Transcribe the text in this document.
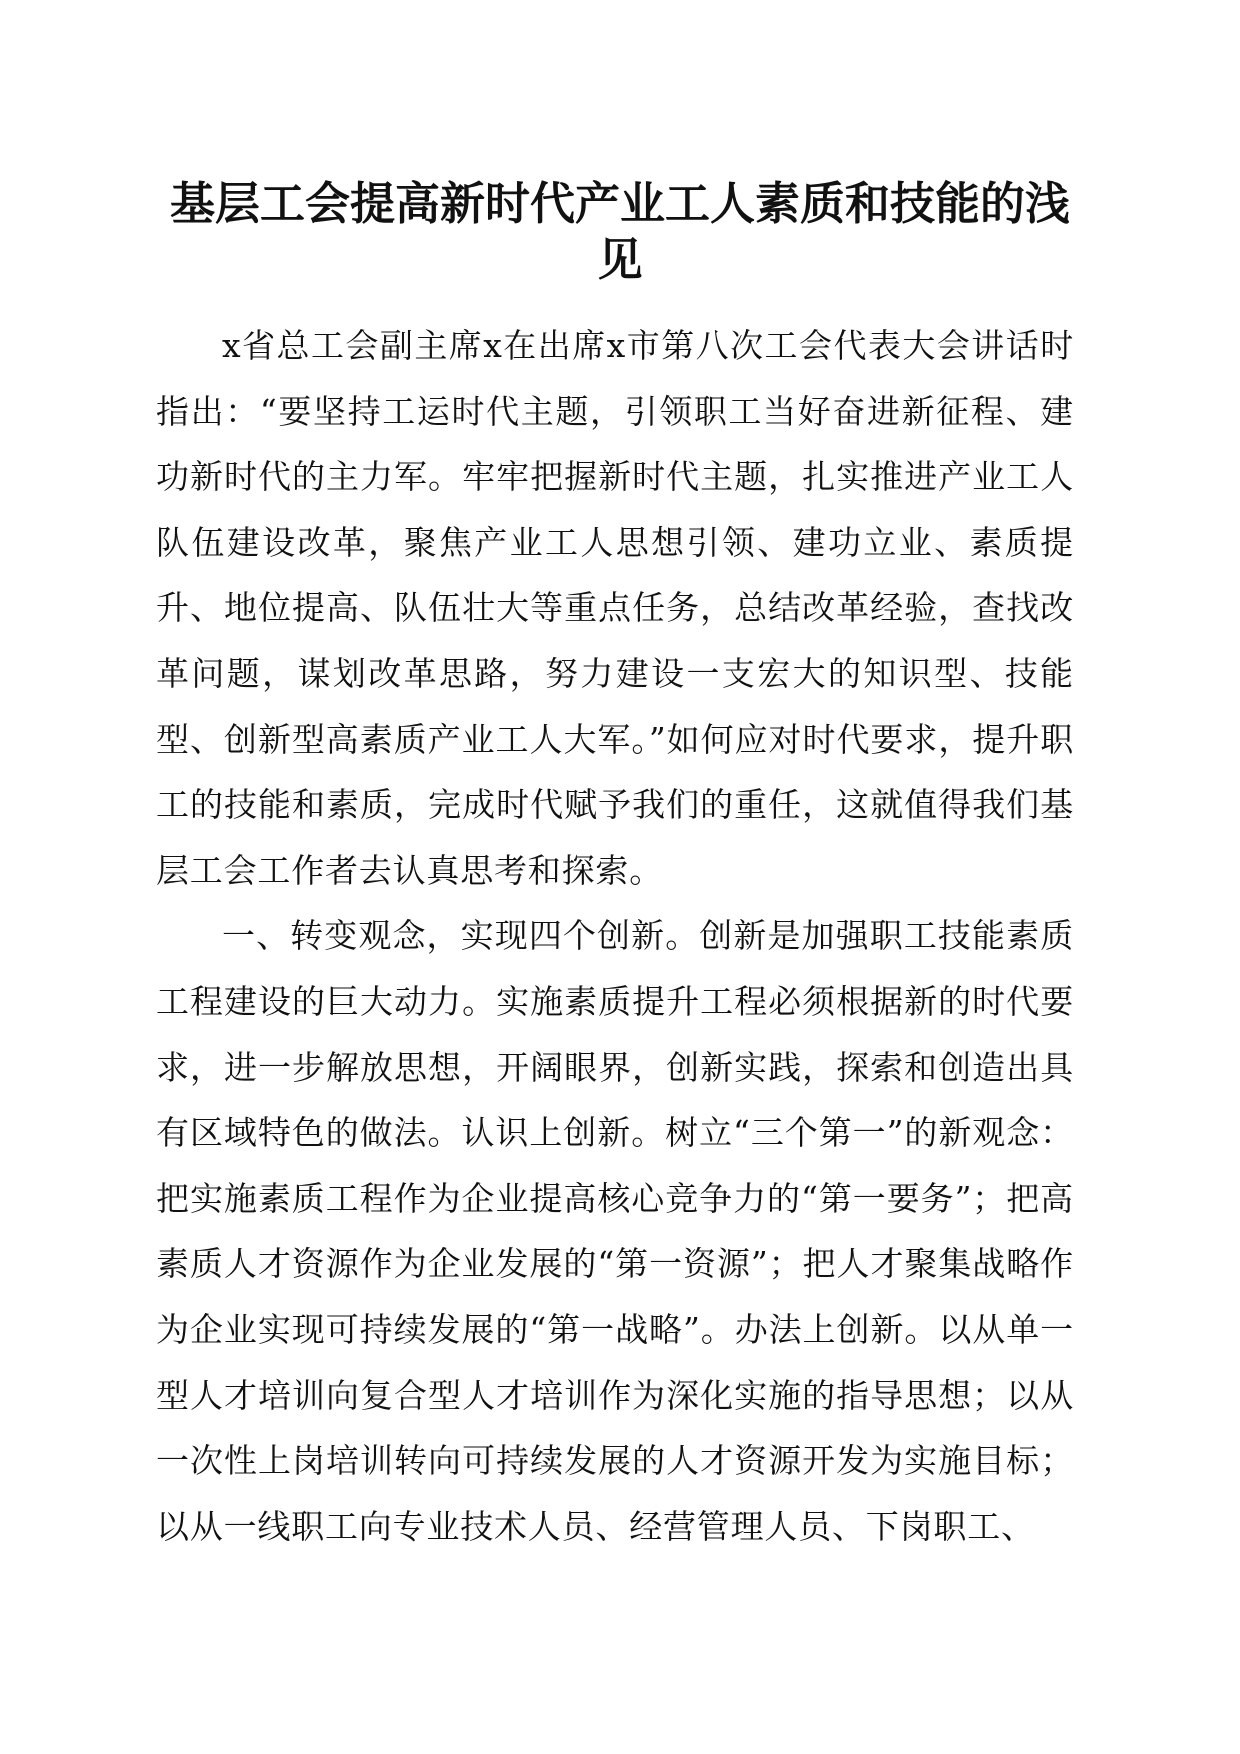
基层工会提高新时代产业工人素质和技能的浅见

x省总工会副主席x在出席x市第八次工会代表大会讲话时指出：“要坚持工运时代主题，引领职工当好奋进新征程、建功新时代的主力军。牢牢把握新时代主题，扎实推进产业工人队伍建设改革，聚焦产业工人思想引领、建功立业、素质提升、地位提高、队伍壮大等重点任务，总结改革经验，查找改革问题，谋划改革思路，努力建设一支宏大的知识型、技能型、创新型高素质产业工人大军。”如何应对时代要求，提升职工的技能和素质，完成时代赋予我们的重任，这就值得我们基层工会工作者去认真思考和探索。

一、转变观念，实现四个创新。创新是加强职工技能素质工程建设的巨大动力。实施素质提升工程必须根据新的时代要求，进一步解放思想，开阔眼界，创新实践，探索和创造出具有区域特色的做法。认识上创新。树立“三个第一”的新观念：把实施素质工程作为企业提高核心竞争力的“第一要务”；把高素质人才资源作为企业发展的“第一资源”；把人才聚集战略作为企业实现可持续发展的“第一战略”。办法上创新。以从单一型人才培训向复合型人才培训作为深化实施的指导思想；以从一次性上岗培训转向可持续发展的人才资源开发为实施目标；以从一线职工向专业技术人员、经营管理人员、下岗职工、
